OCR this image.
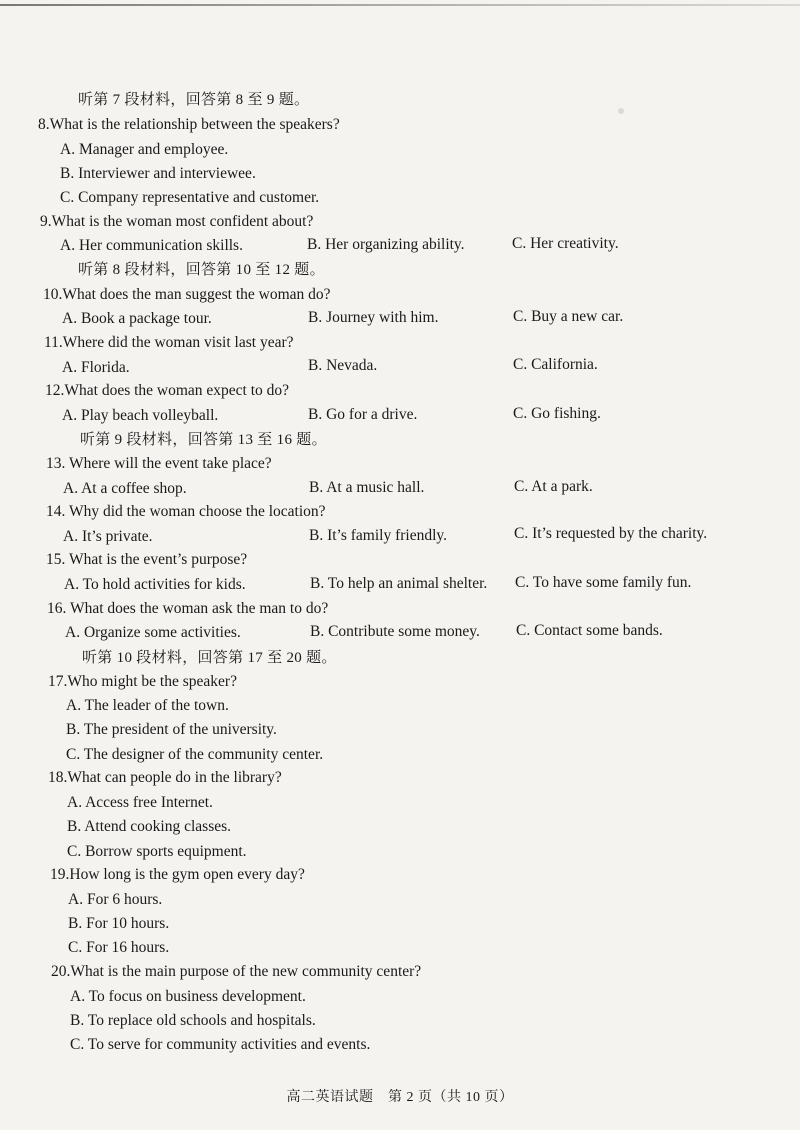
听第 7 段材料，回答第 8 至 9 题。
8.What is the relationship between the speakers?
A. Manager and employee.
B. Interviewer and interviewee.
C. Company representative and customer.
9.What is the woman most confident about?
A. Her communication skills.	B. Her organizing ability.	C. Her creativity.
听第 8 段材料，回答第 10 至 12 题。
10.What does the man suggest the woman do?
A. Book a package tour.	B. Journey with him.	C. Buy a new car.
11.Where did the woman visit last year?
A. Florida.	B. Nevada.	C. California.
12.What does the woman expect to do?
A. Play beach volleyball.	B. Go for a drive.	C. Go fishing.
听第 9 段材料，回答第 13 至 16 题。
13. Where will the event take place?
A. At a coffee shop.	B. At a music hall.	C. At a park.
14. Why did the woman choose the location?
A. It’s private.	B. It’s family friendly.	C. It’s requested by the charity.
15. What is the event’s purpose?
A. To hold activities for kids.	B. To help an animal shelter. C. To have some family fun.
16. What does the woman ask the man to do?
A. Organize some activities.	B. Contribute some money. C. Contact some bands.
听第 10 段材料，回答第 17 至 20 题。
17.Who might be the speaker?
A. The leader of the town.
B. The president of the university.
C. The designer of the community center.
18.What can people do in the library?
A. Access free Internet.
B. Attend cooking classes.
C. Borrow sports equipment.
19.How long is the gym open every day?
A. For 6 hours.
B. For 10 hours.
C. For 16 hours.
20.What is the main purpose of the new community center?
A. To focus on business development.
B. To replace old schools and hospitals.
C. To serve for community activities and events.
高二英语试题　第 2 页（共 10 页）
